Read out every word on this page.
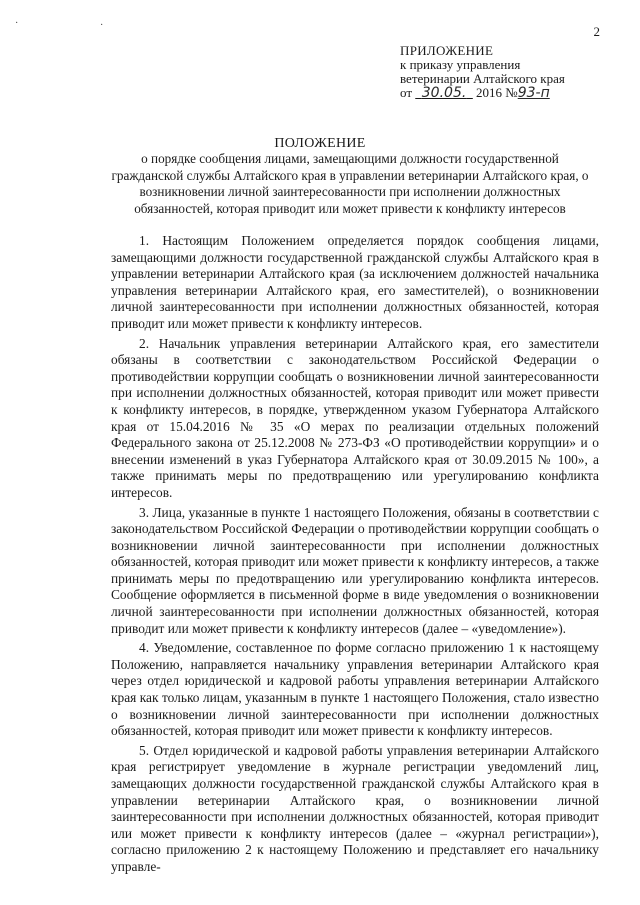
2
·	·
ПРИЛОЖЕНИЕ
к приказу управления
ветеринарии Алтайского края
от 30.05. 2016 №93-п
ПОЛОЖЕНИЕ
о порядке сообщения лицами, замещающими должности государственной гражданской службы Алтайского края в управлении ветеринарии Алтайского края, о возникновении личной заинтересованности при исполнении должностных обязанностей, которая приводит или может привести к конфликту интересов

1. Настоящим Положением определяется порядок сообщения лицами, замещающими должности государственной гражданской службы Алтайского края в управлении ветеринарии Алтайского края (за исключением должностей начальника управления ветеринарии Алтайского края, его заместителей), о возникновении личной заинтересованности при исполнении должностных обязанностей, которая приводит или может привести к конфликту интересов.

2. Начальник управления ветеринарии Алтайского края, его заместители обязаны в соответствии с законодательством Российской Федерации о противодействии коррупции сообщать о возникновении личной заинтересованности при исполнении должностных обязанностей, которая приводит или может привести к конфликту интересов, в порядке, утвержденном указом Губернатора Алтайского края от 15.04.2016 № 35 «О мерах по реализации отдельных положений Федерального закона от 25.12.2008 № 273-ФЗ «О противодействии коррупции» и о внесении изменений в указ Губернатора Алтайского края от 30.09.2015 № 100», а также принимать меры по предотвращению или урегулированию конфликта интересов.

3. Лица, указанные в пункте 1 настоящего Положения, обязаны в соответствии с законодательством Российской Федерации о противодействии коррупции сообщать о возникновении личной заинтересованности при исполнении должностных обязанностей, которая приводит или может привести к конфликту интересов, а также принимать меры по предотвращению или урегулированию конфликта интересов. Сообщение оформляется в письменной форме в виде уведомления о возникновении личной заинтересованности при исполнении должностных обязанностей, которая приводит или может привести к конфликту интересов (далее – «уведомление»).

4. Уведомление, составленное по форме согласно приложению 1 к настоящему Положению, направляется начальнику управления ветеринарии Алтайского края через отдел юридической и кадровой работы управления ветеринарии Алтайского края как только лицам, указанным в пункте 1 настоящего Положения, стало известно о возникновении личной заинтересованности при исполнении должностных обязанностей, которая приводит или может привести к конфликту интересов.

5. Отдел юридической и кадровой работы управления ветеринарии Алтайского края регистрирует уведомление в журнале регистрации уведомлений лиц, замещающих должности государственной гражданской службы Алтайского края в управлении ветеринарии Алтайского края, о возникновении личной заинтересованности при исполнении должностных обязанностей, которая приводит или может привести к конфликту интересов (далее – «журнал регистрации»), согласно приложению 2 к настоящему Положению и представляет его начальнику управле-
